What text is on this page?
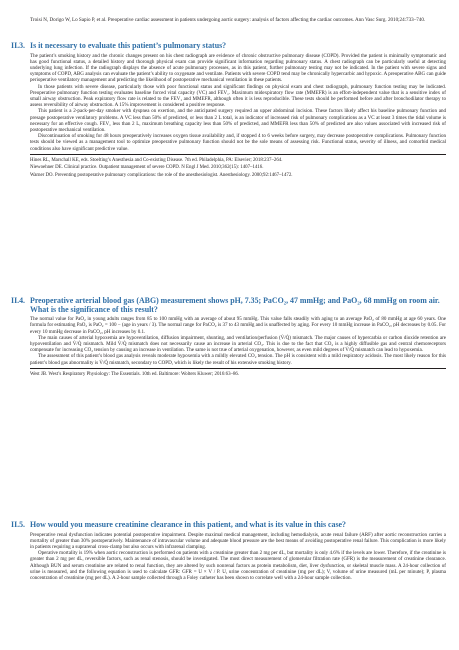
Troisi N, Dorigo W, Lo Sapio P, et al. Preoperative cardiac assessment in patients undergoing aortic surgery: analysis of factors affecting the cardiac outcomes. Ann Vasc Surg. 2010;24:733–740.
II.3. Is it necessary to evaluate this patient’s pulmonary status?

The patient’s smoking history and the chronic changes present on his chest radiograph are evidence of chronic obstructive pulmonary disease (COPD). Provided the patient is minimally symptomatic and has good functional status, a detailed history and thorough physical exam can provide significant information regarding pulmonary status. A chest radiograph can be particularly useful at detecting underlying lung infection. If the radiograph displays the absence of acute pulmonary processes, as in this patient, further pulmonary testing may not be indicated. In the patient with severe signs and symptoms of COPD, ABG analysis can evaluate the patient’s ability to oxygenate and ventilate. Patients with severe COPD tend may be chronically hypercarbic and hypoxic. A preoperative ABG can guide perioperative ventilatory management and predicting the likelihood of postoperative mechanical ventilation in these patients.

In those patients with severe disease, particularly those with poor functional status and significant findings on physical exam and chest radiograph, pulmonary function testing may be indicated. Preoperative pulmonary function testing evaluates baseline forced vital capacity (VC) and FEV₁. Maximum midexpiratory flow rate (MMEFR) is an effort-independent value that is a sensitive index of small airway obstruction. Peak expiratory flow rate is related to the FEV₁ and MMEFR, although often it is less reproducible. These tests should be performed before and after bronchodilator therapy to assess reversibility of airway obstruction. A 15% improvement is considered a positive response.

This patient is a 2-pack-per-day smoker with dyspnea on exertion, and the anticipated surgery required an upper abdominal incision. These factors likely affect his baseline pulmonary function and presage postoperative ventilatory problems. A VC less than 50% of predicted, or less than 2 L total, is an indicator of increased risk of pulmonary complications as a VC at least 3 times the tidal volume is necessary for an effective cough. FEV₁ less than 2 L, maximum breathing capacity less than 50% of predicted, and MMEFR less than 50% of predicted are also values associated with increased risk of postoperative mechanical ventilation.

Discontinuation of smoking for 48 hours preoperatively increases oxygen tissue availability and, if stopped 4 to 6 weeks before surgery, may decrease postoperative complications. Pulmonary function tests should be viewed as a management tool to optimize preoperative pulmonary function should not be the sole means of assessing risk. Functional status, severity of illness, and comorbid medical conditions also have significant predictive value.

Hines RL, Marschall KE, eds. Stoelting’s Anesthesia and Co-existing Disease. 7th ed. Philadelphia, PA: Elsevier; 2018:237–264.

Niewoehner DE. Clinical practice. Outpatient management of severe COPD. N Engl J Med. 2010;362(15): 1407–1416.

Warner DO. Preventing postoperative pulmonary complications: the role of the anesthesiologist. Anesthesiology. 2000;92:1467–1472.

II.4. Preoperative arterial blood gas (ABG) measurement shows pH, 7.35; PaCO₂, 47 mmHg; and PaO₂, 68 mmHg on room air. What is the significance of this result?

The normal value for PaO₂ in young adults ranges from 85 to 100 mmHg with an average of about 95 mmHg. This value falls steadily with aging to an average PaO₂ of 80 mmHg at age 60 years. One formula for estimating PaO₂ is PaO₂ = 100 − (age in years / 3). The normal range for PaCO₂ is 37 to 43 mmHg and is unaffected by aging. For every 10 mmHg increase in PaCO₂, pH decreases by 0.05. For every 10 mmHg decrease in PaCO₂, pH increases by 0.1.

The main causes of arterial hypoxemia are hypoventilation, diffusion impairment, shunting, and ventilation/perfusion (V̇/Q̇) mismatch. The major causes of hypercarbia or carbon dioxide retention are hypoventilation and V̇/Q̇ mismatch. Mild V̇/Q̇ mismatch does not necessarily cause an increase in arterial CO₂. This is due to the fact that CO₂ is a highly diffusible gas and central chemoreceptors compensate for increasing CO₂ tension by causing an increase in ventilation. The same is not true of arterial oxygenation, however, as even mild degrees of V̇/Q̇ mismatch can lead to hypoxemia.

The assessment of this patient’s blood gas analysis reveals moderate hypoxemia with a mildly elevated CO₂ tension. The pH is consistent with a mild respiratory acidosis. The most likely reason for this patient’s blood gas abnormality is V̇/Q̇ mismatch, secondary to COPD, which is likely the result of his extensive smoking history.

West JB. West’s Respiratory Physiology: The Essentials. 10th ed. Baltimore: Wolters Kluwer; 2016:63–86.

II.5. How would you measure creatinine clearance in this patient, and what is its value in this case?

Preoperative renal dysfunction indicates potential postoperative impairment. Despite maximal medical management, including hemodialysis, acute renal failure (ARF) after aortic reconstruction carries a mortality of greater than 30% postoperatively. Maintenance of intravascular volume and adequate blood pressure are the best means of avoiding postoperative renal failure. This complication is more likely in patients requiring a suprarenal cross-clamp but also occurs with infrarenal clamping.

Operative mortality is 19% when aortic reconstruction is performed on patients with a creatinine greater than 2 mg per dL, but mortality is only 4.6% if the levels are lower. Therefore, if the creatinine is greater than 2 mg per dL, reversible factors, such as renal stenosis, should be investigated. The most direct measurement of glomerular filtration rate (GFR) is the measurement of creatinine clearance. Although BUN and serum creatinine are related to renal function, they are altered by such nonrenal factors as protein metabolism, diet, liver dysfunction, or skeletal muscle mass. A 24-hour collection of urine is measured, and the following equation is used to calculate GFR: GFR = U × V / P. U, urine concentration of creatinine (mg per dL); V, volume of urine measured (mL per minute); P, plasma concentration of creatinine (mg per dL). A 2-hour sample collected through a Foley catheter has been shown to correlate well with a 24-hour sample collection.
